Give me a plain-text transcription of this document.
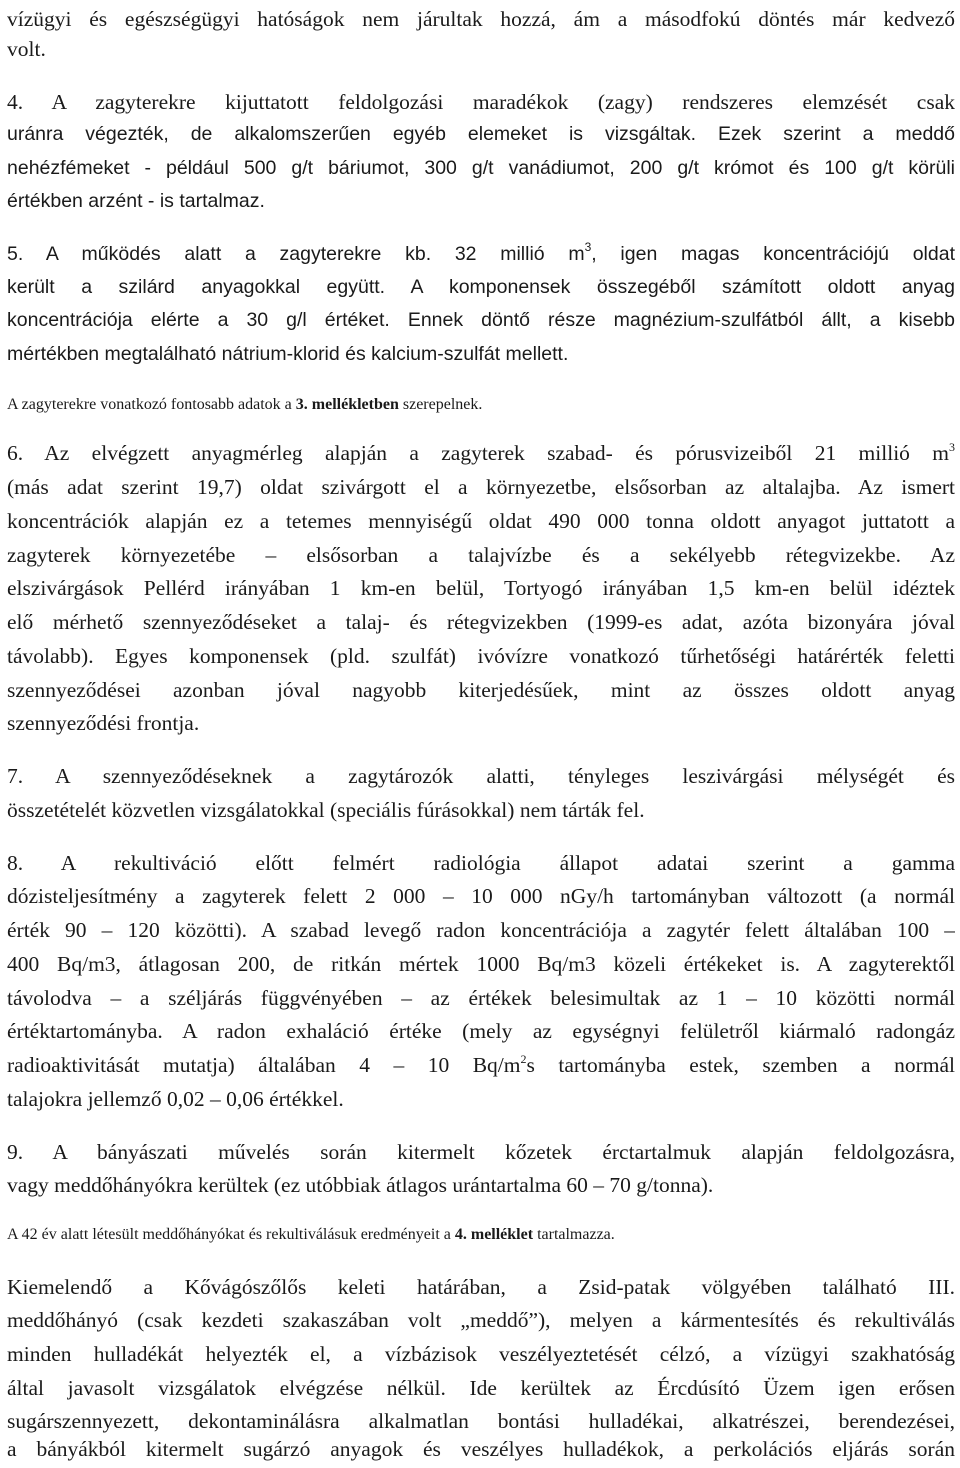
vízügyi és egészségügyi hatóságok nem járultak hozzá, ám a másodfokú döntés már kedvező
volt.
4. A zagyterekre kijuttatott feldolgozási maradékok (zagy) rendszeres elemzését csak
uránra végezték, de alkalomszerűen egyéb elemeket is vizsgáltak. Ezek szerint a meddő
nehézfémeket - például 500 g/t báriumot, 300 g/t vanádiumot, 200 g/t krómot és 100 g/t körüli
értékben arzént - is tartalmaz.
5. A működés alatt a zagyterekre kb. 32 millió $m^3$, igen magas koncentrációjú oldat
került a szilárd anyagokkal együtt. A komponensek összegéből számított oldott anyag
koncentrációja elérte a 30 g/l értéket. Ennek döntő része magnézium-szulfátból állt, a kisebb
mértékben megtalálható nátrium-klorid és kalcium-szulfát mellett.
A zagyterekre vonatkozó fontosabb adatok a 3. mellékletben szerepelnek.
6. Az elvégzett anyagmérleg alapján a zagyterek szabad- és pórusvizeiből 21 millió $m^3$
(más adat szerint 19,7) oldat szivárgott el a környezetbe, elsősorban az altalajba. Az ismert
koncentrációk alapján ez a tetemes mennyiségű oldat 490 000 tonna oldott anyagot juttatott a
zagyterek környezetébe – elsősorban a talajvízbe és a sekélyebb rétegvizekbe. Az
elszivárgások Pellérd irányában 1 km-en belül, Tortyogó irányában 1,5 km-en belül idéztek
elő mérhető szennyeződéseket a talaj- és rétegvizekben (1999-es adat, azóta bizonyára jóval
távolabb). Egyes komponensek (pld. szulfát) ivóvízre vonatkozó tűrhetőségi határérték feletti
szennyeződései azonban jóval nagyobb kiterjedésűek, mint az összes oldott anyag
szennyeződési frontja.
7. A szennyeződéseknek a zagytározók alatti, tényleges leszivárgási mélységét és
összetételét közvetlen vizsgálatokkal (speciális fúrásokkal) nem tárták fel.
8. A rekultiváció előtt felmért radiológia állapot adatai szerint a gamma
dózisteljesítmény a zagyterek felett 2 000 – 10 000 nGy/h tartományban változott (a normál
érték 90 – 120 közötti). A szabad levegő radon koncentrációja a zagytér felett általában 100 –
400 Bq/m3, átlagosan 200, de ritkán mértek 1000 Bq/m3 közeli értékeket is. A zagyterektől
távolodva – a széljárás függvényében – az értékek belesimultak az 1 – 10 közötti normál
értéktartományba. A radon exhaláció értéke (mely az egységnyi felületről kiármaló radongáz
radioaktivitását mutatja) általában 4 – 10 $Bq/m^2s$ tartományba estek, szemben a normál
talajokra jellemző 0,02 – 0,06 értékkel.
9. A bányászati művelés során kitermelt kőzetek érctartalmuk alapján feldolgozásra,
vagy meddőhányókra kerültek (ez utóbbiak átlagos urántartalma 60 – 70 g/tonna).
A 42 év alatt létesült meddőhányókat és rekultiválásuk eredményeit a 4. melléklet tartalmazza.
Kiemelendő a Kővágószőlős keleti határában, a Zsid-patak völgyében található III.
meddőhányó (csak kezdeti szakaszában volt „meddő”), melyen a kármentesítés és rekultiválás
minden hulladékát helyezték el, a vízbázisok veszélyeztetését célzó, a vízügyi szakhatóság
által javasolt vizsgálatok elvégzése nélkül. Ide kerültek az Ércdúsító Üzem igen erősen
sugárszennyezett, dekontaminálásra alkalmatlan bontási hulladékai, alkatrészei, berendezései,
a bányákból kitermelt sugárzó anyagok és veszélyes hulladékok, a perkolációs eljárás során
